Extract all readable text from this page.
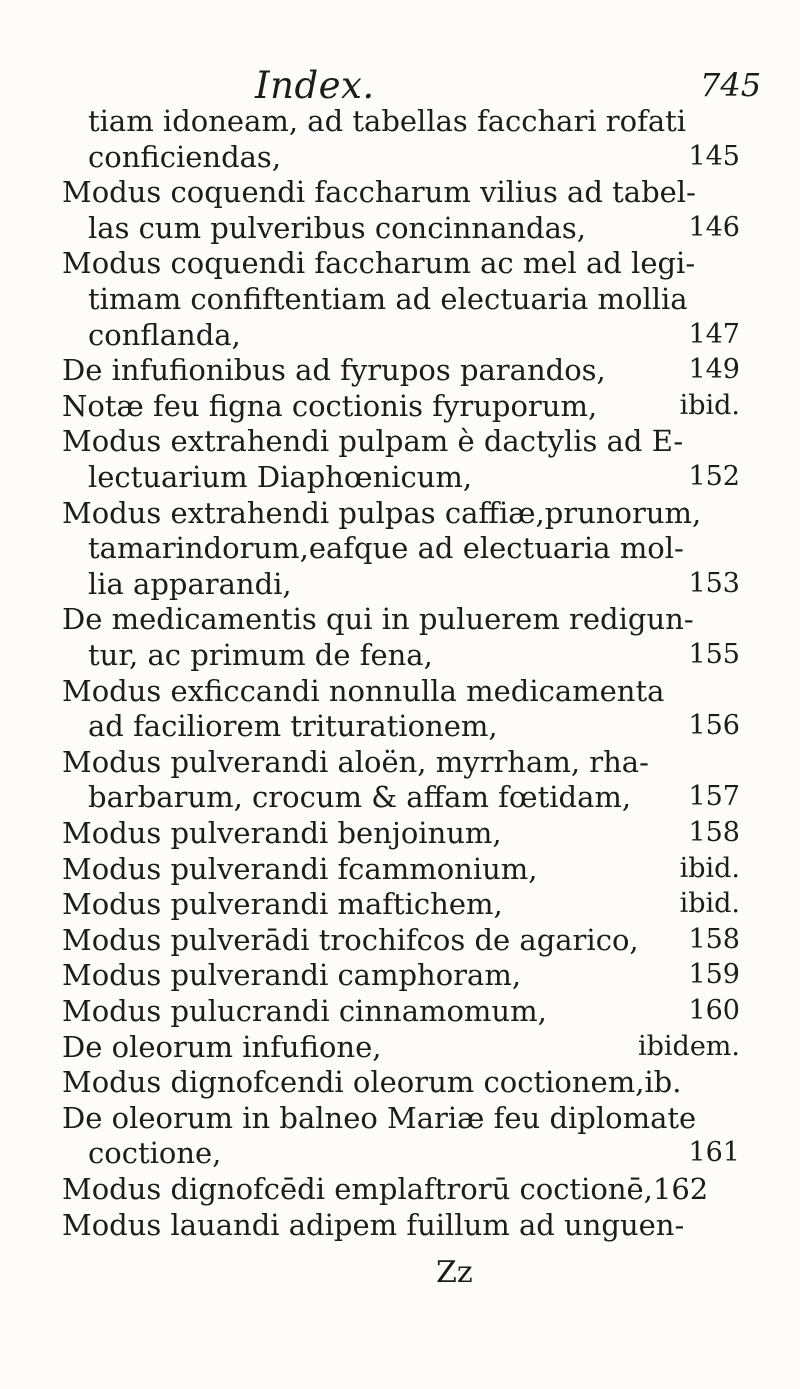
Index.	745
tiam idoneam, ad tabellas facchari rofati
conficiendas,	145
Modus coquendi faccharum vilius ad tabel-
las cum pulveribus concinnandas,	146
Modus coquendi faccharum ac mel ad legi-
timam confiftentiam ad electuaria mollia
conflanda,	147
De infufionibus ad fyrupos parandos,	149
Notæ feu figna coctionis fyruporum,	ibid.
Modus extrahendi pulpam è dactylis ad E-
lectuarium Diaphœnicum,	152
Modus extrahendi pulpas caffiæ,prunorum,
tamarindorum,eafque ad electuaria mol-
lia apparandi,	153
De medicamentis qui in puluerem redigun-
tur, ac primum de fena,	155
Modus exficcandi nonnulla medicamenta
ad faciliorem triturationem,	156
Modus pulverandi aloën, myrrham, rha-
barbarum, crocum & affam fœtidam, 157
Modus pulverandi benjoinum,	158
Modus pulverandi fcammonium,	ibid.
Modus pulverandi maftichem,	ibid.
Modus pulverādi trochifcos de agarico, 158
Modus pulverandi camphoram,	159
Modus pulucrandi cinnamomum,	160
De oleorum infufione,	ibidem.
Modus dignofcendi oleorum coctionem,ib.
De oleorum in balneo Mariæ feu diplomate
coctione,	161
Modus dignofcēdi emplaftrorū coctionē,162
Modus lauandi adipem fuillum ad unguen-
Zz
